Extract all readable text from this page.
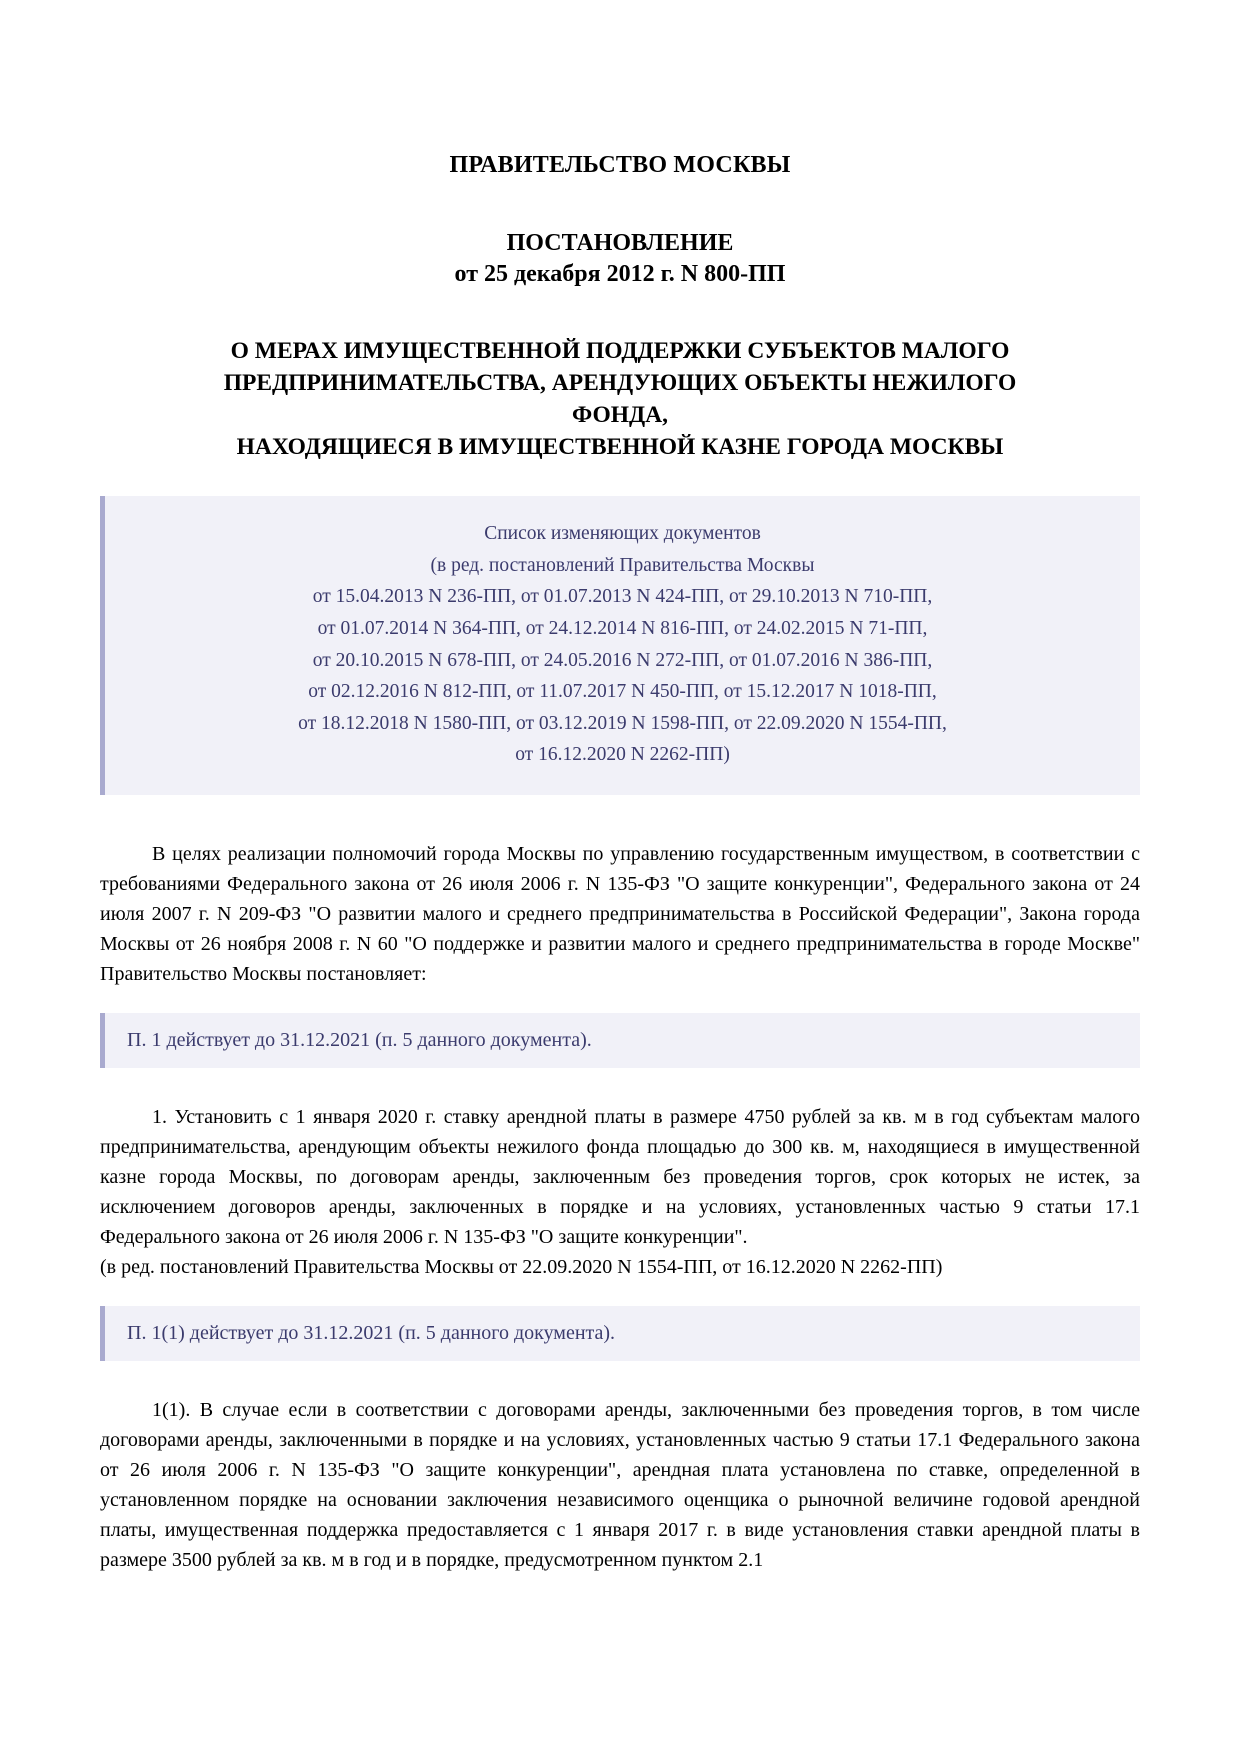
ПРАВИТЕЛЬСТВО МОСКВЫ
ПОСТАНОВЛЕНИЕ
от 25 декабря 2012 г. N 800-ПП
О МЕРАХ ИМУЩЕСТВЕННОЙ ПОДДЕРЖКИ СУБЪЕКТОВ МАЛОГО
ПРЕДПРИНИМАТЕЛЬСТВА, АРЕНДУЮЩИХ ОБЪЕКТЫ НЕЖИЛОГО
ФОНДА,
НАХОДЯЩИЕСЯ В ИМУЩЕСТВЕННОЙ КАЗНЕ ГОРОДА МОСКВЫ
Список изменяющих документов
(в ред. постановлений Правительства Москвы
от 15.04.2013 N 236-ПП, от 01.07.2013 N 424-ПП, от 29.10.2013 N 710-ПП,
от 01.07.2014 N 364-ПП, от 24.12.2014 N 816-ПП, от 24.02.2015 N 71-ПП,
от 20.10.2015 N 678-ПП, от 24.05.2016 N 272-ПП, от 01.07.2016 N 386-ПП,
от 02.12.2016 N 812-ПП, от 11.07.2017 N 450-ПП, от 15.12.2017 N 1018-ПП,
от 18.12.2018 N 1580-ПП, от 03.12.2019 N 1598-ПП, от 22.09.2020 N 1554-ПП,
от 16.12.2020 N 2262-ПП)

В целях реализации полномочий города Москвы по управлению государственным имуществом, в соответствии с требованиями Федерального закона от 26 июля 2006 г. N 135-ФЗ "О защите конкуренции", Федерального закона от 24 июля 2007 г. N 209-ФЗ "О развитии малого и среднего предпринимательства в Российской Федерации", Закона города Москвы от 26 ноября 2008 г. N 60 "О поддержке и развитии малого и среднего предпринимательства в городе Москве" Правительство Москвы постановляет:

П. 1 действует до 31.12.2021 (п. 5 данного документа).

1. Установить с 1 января 2020 г. ставку арендной платы в размере 4750 рублей за кв. м в год субъектам малого предпринимательства, арендующим объекты нежилого фонда площадью до 300 кв. м, находящиеся в имущественной казне города Москвы, по договорам аренды, заключенным без проведения торгов, срок которых не истек, за исключением договоров аренды, заключенных в порядке и на условиях, установленных частью 9 статьи 17.1 Федерального закона от 26 июля 2006 г. N 135-ФЗ "О защите конкуренции".

(в ред. постановлений Правительства Москвы от 22.09.2020 N 1554-ПП, от 16.12.2020 N 2262-ПП)

П. 1(1) действует до 31.12.2021 (п. 5 данного документа).

1(1). В случае если в соответствии с договорами аренды, заключенными без проведения торгов, в том числе договорами аренды, заключенными в порядке и на условиях, установленных частью 9 статьи 17.1 Федерального закона от 26 июля 2006 г. N 135-ФЗ "О защите конкуренции", арендная плата установлена по ставке, определенной в установленном порядке на основании заключения независимого оценщика о рыночной величине годовой арендной платы, имущественная поддержка предоставляется с 1 января 2017 г. в виде установления ставки арендной платы в размере 3500 рублей за кв. м в год и в порядке, предусмотренном пунктом 2.1
